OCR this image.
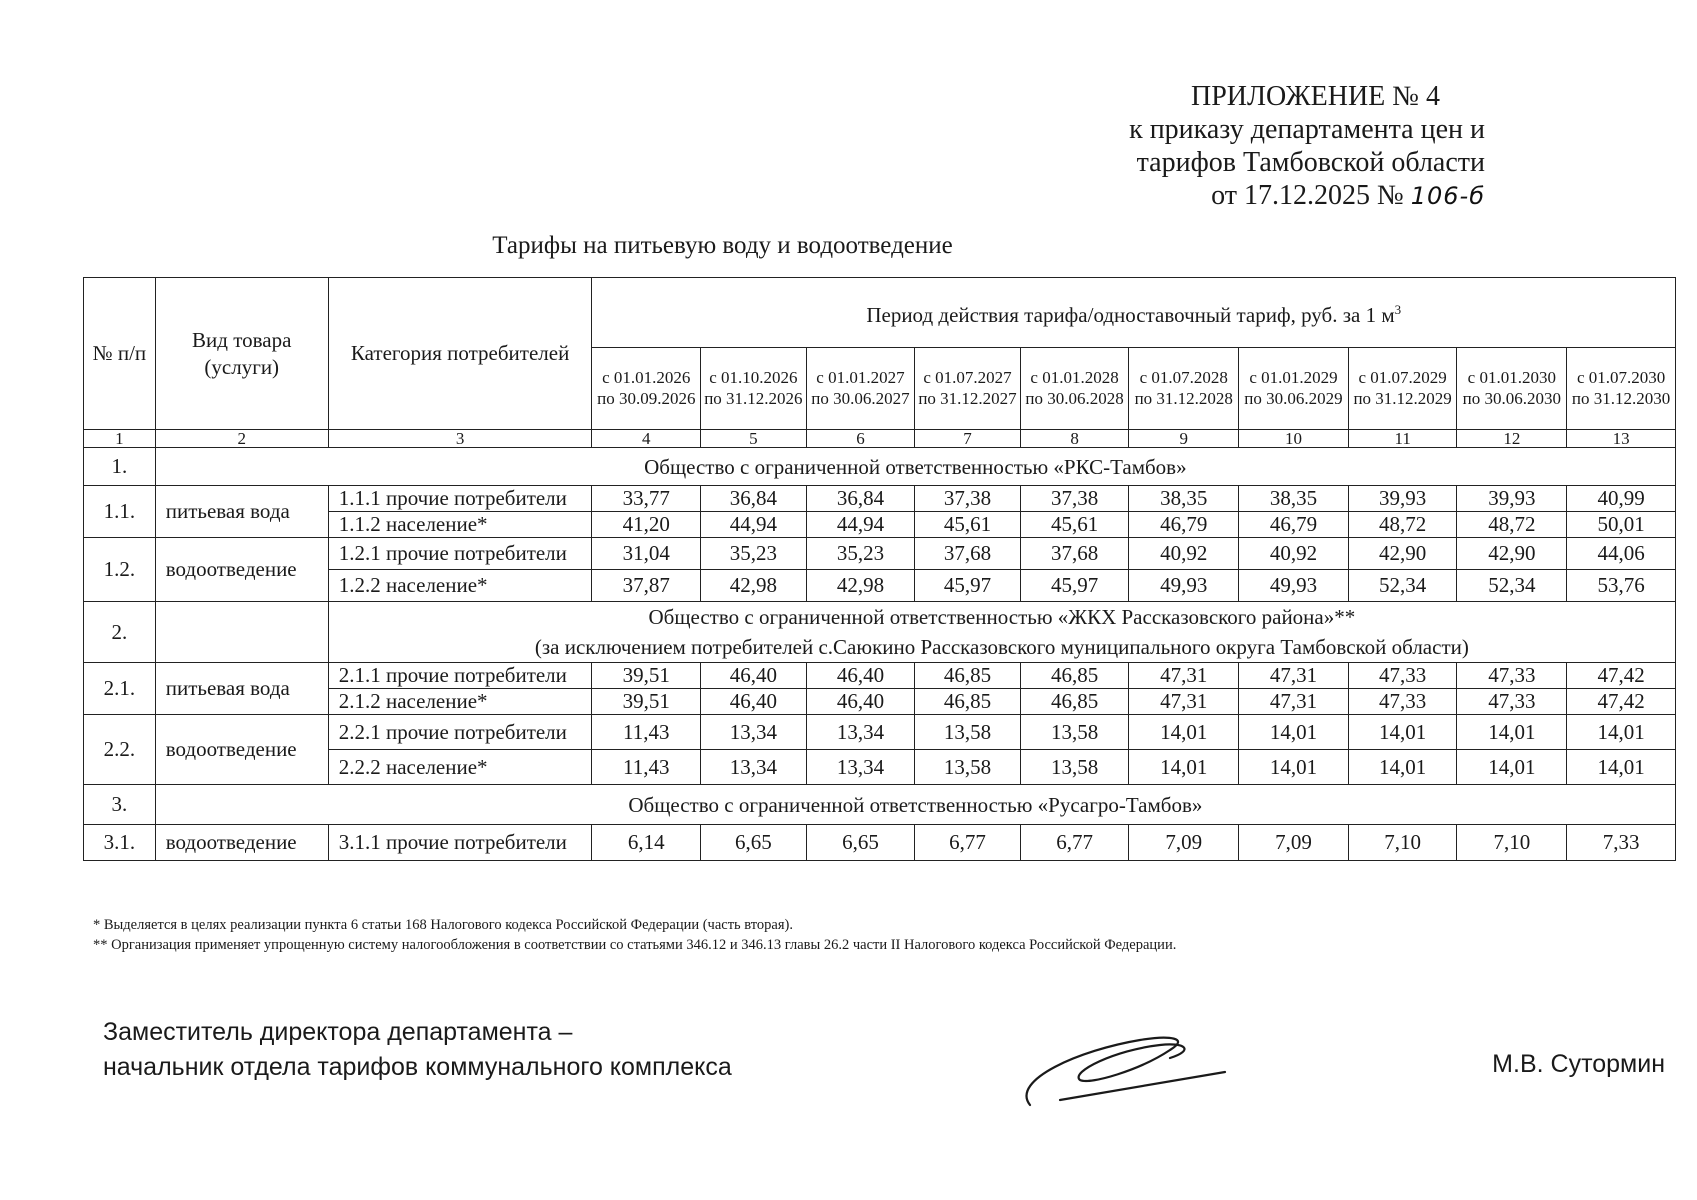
ПРИЛОЖЕНИЕ № 4
к приказу департамента цен и
тарифов Тамбовской области
от 17.12.2025 № 106-б
Тарифы на питьевую воду и водоотведение
№ п/п	Вид товара (услуги)	Категория потребителей	Период действия тарифа/одноставочный тариф, руб. за 1 $м^3$
			с 01.01.2026 по 30.09.2026	с 01.10.2026 по 31.12.2026	с 01.01.2027 по 30.06.2027	с 01.07.2027 по 31.12.2027	с 01.01.2028 по 30.06.2028	с 01.07.2028 по 31.12.2028	с 01.01.2029 по 30.06.2029	с 01.07.2029 по 31.12.2029	с 01.01.2030 по 30.06.2030	с 01.07.2030 по 31.12.2030
1	2	3	4	5	6	7	8	9	10	11	12	13
1.	Общество с ограниченной ответственностью «РКС-Тамбов»											
1.1.	питьевая вода	1.1.1 прочие потребители	33,77	36,84	36,84	37,38	37,38	38,35	38,35	39,93	39,93	40,99
		1.1.2 население*	41,20	44,94	44,94	45,61	45,61	46,79	46,79	48,72	48,72	50,01
1.2.	водоотведение	1.2.1 прочие потребители	31,04	35,23	35,23	37,68	37,68	40,92	40,92	42,90	42,90	44,06
		1.2.2 население*	37,87	42,98	42,98	45,97	45,97	49,93	49,93	52,34	52,34	53,76
2.		Общество с ограниченной ответственностью «ЖКХ Рассказовского района»**
(за исключением потребителей с.Саюкино Рассказовского муниципального округа Тамбовской области)										

2.1.	питьевая вода	2.1.1 прочие потребители	39,51	46,40	46,40	46,85	46,85	47,31	47,31	47,33	47,33	47,42
		2.1.2 население*	39,51	46,40	46,40	46,85	46,85	47,31	47,31	47,33	47,33	47,42
2.2.	водоотведение	2.2.1 прочие потребители	11,43	13,34	13,34	13,58	13,58	14,01	14,01	14,01	14,01	14,01
		2.2.2 население*	11,43	13,34	13,34	13,58	13,58	14,01	14,01	14,01	14,01	14,01
3.	Общество с ограниченной ответственностью «Русагро-Тамбов»											
3.1.	водоотведение	3.1.1 прочие потребители	6,14	6,65	6,65	6,77	6,77	7,09	7,09	7,10	7,10	7,33
* Выделяется в целях реализации пункта 6 статьи 168 Налогового кодекса Российской Федерации (часть вторая).
** Организация применяет упрощенную систему налогообложения в соответствии со статьями 346.12 и 346.13 главы 26.2 части II Налогового кодекса Российской Федерации.
Заместитель директора департамента –
начальник отдела тарифов коммунального комплекса	М.В. Сутормин
